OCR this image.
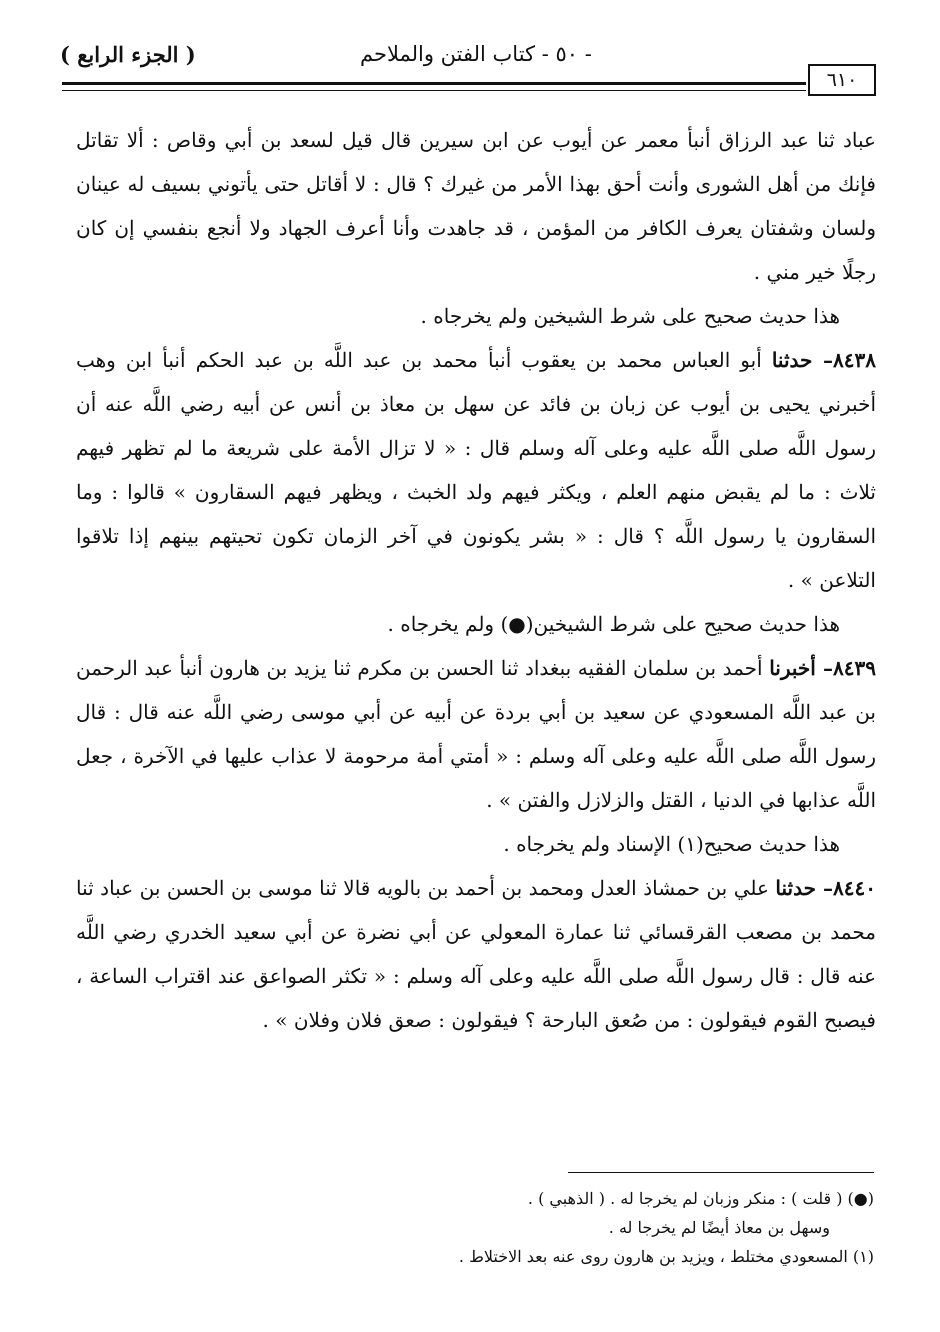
( الجزء الرابع )	- ٥٠ - كتاب الفتن والملاحم
٦١٠

عباد ثنا عبد الرزاق أنبأ معمر عن أيوب عن ابن سيرين قال قيل لسعد بن أبي وقاص : ألا تقاتل فإنك من أهل الشورى وأنت أحق بهذا الأمر من غيرك ؟ قال : لا أقاتل حتى يأتوني بسيف له عينان ولسان وشفتان يعرف الكافر من المؤمن ، قد جاهدت وأنا أعرف الجهاد ولا أنجع بنفسي إن كان رجلًا خير مني .

هذا حديث صحيح على شرط الشيخين ولم يخرجاه .

٨٤٣٨– حدثنا أبو العباس محمد بن يعقوب أنبأ محمد بن عبد اللَّه بن عبد الحكم أنبأ ابن وهب أخبرني يحيى بن أيوب عن زبان بن فائد عن سهل بن معاذ بن أنس عن أبيه رضي اللَّه عنه أن رسول اللَّه صلى اللَّه عليه وعلى آله وسلم قال : « لا تزال الأمة على شريعة ما لم تظهر فيهم ثلاث : ما لم يقبض منهم العلم ، ويكثر فيهم ولد الخبث ، ويظهر فيهم السقارون » قالوا : وما السقارون يا رسول اللَّه ؟ قال : « بشر يكونون في آخر الزمان تكون تحيتهم بينهم إذا تلاقوا التلاعن » .

هذا حديث صحيح على شرط الشيخين(●) ولم يخرجاه .

٨٤٣٩– أخبرنا أحمد بن سلمان الفقيه ببغداد ثنا الحسن بن مكرم ثنا يزيد بن هارون أنبأ عبد الرحمن بن عبد اللَّه المسعودي عن سعيد بن أبي بردة عن أبيه عن أبي موسى رضي اللَّه عنه قال : قال رسول اللَّه صلى اللَّه عليه وعلى آله وسلم : « أمتي أمة مرحومة لا عذاب عليها في الآخرة ، جعل اللَّه عذابها في الدنيا ، القتل والزلازل والفتن » .

هذا حديث صحيح(١) الإسناد ولم يخرجاه .

٨٤٤٠– حدثنا علي بن حمشاذ العدل ومحمد بن أحمد بن بالويه قالا ثنا موسى بن الحسن بن عباد ثنا محمد بن مصعب القرقسائي ثنا عمارة المعولي عن أبي نضرة عن أبي سعيد الخدري رضي اللَّه عنه قال : قال رسول اللَّه صلى اللَّه عليه وعلى آله وسلم : « تكثر الصواعق عند اقتراب الساعة ، فيصبح القوم فيقولون : من صُعق البارحة ؟ فيقولون : صعق فلان وفلان » .

(●) ( قلت ) : منكر وزبان لم يخرجا له . ( الذهبي ) .

وسهل بن معاذ أيضًا لم يخرجا له .

(١) المسعودي مختلط ، ويزيد بن هارون روى عنه بعد الاختلاط .
